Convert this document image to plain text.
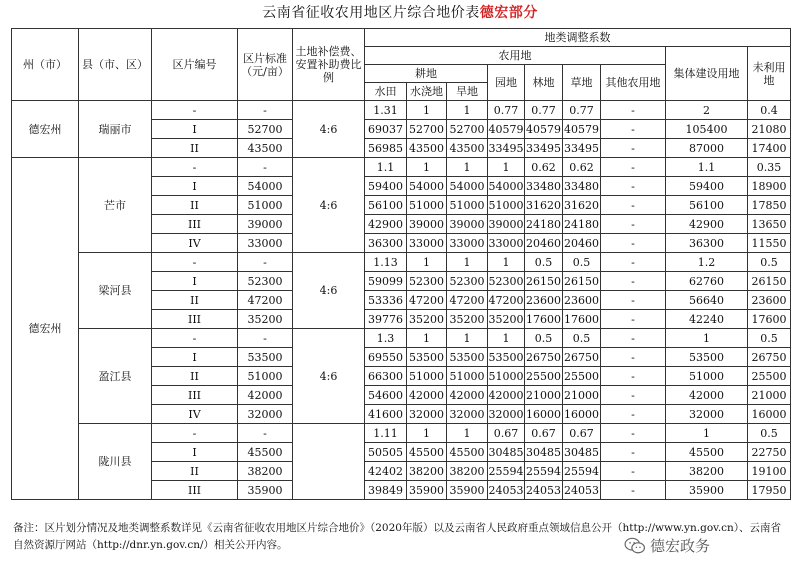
云南省征收农用地区片综合地价表德宏部分
州（市）	县（市、区）	区片编号	区片标准（元/亩）	土地补偿费、安置补助费比例	地类调整系数								
					农用地							集体建设用地	未利用地
					耕地			园地	林地	草地	其他农用地		
					水田	水浇地	旱地						
德宏州	瑞丽市	-	-	4:6	1.31	1	1	0.77	0.77	0.77	-	2	0.4
		I	52700		69037	52700	52700	40579	40579	40579	-	105400	21080
		II	43500		56985	43500	43500	33495	33495	33495	-	87000	17400
德宏州	芒市	-	-	4:6	1.1	1	1	1	0.62	0.62	-	1.1	0.35
		I	54000		59400	54000	54000	54000	33480	33480	-	59400	18900
		II	51000		56100	51000	51000	51000	31620	31620	-	56100	17850
		III	39000		42900	39000	39000	39000	24180	24180	-	42900	13650
		IV	33000		36300	33000	33000	33000	20460	20460	-	36300	11550
	梁河县	-	-	4:6	1.13	1	1	1	0.5	0.5	-	1.2	0.5
		I	52300		59099	52300	52300	52300	26150	26150	-	62760	26150
		II	47200		53336	47200	47200	47200	23600	23600	-	56640	23600
		III	35200		39776	35200	35200	35200	17600	17600	-	42240	17600
	盈江县	-	-	4:6	1.3	1	1	1	0.5	0.5	-	1	0.5
		I	53500		69550	53500	53500	53500	26750	26750	-	53500	26750
		II	51000		66300	51000	51000	51000	25500	25500	-	51000	25500
		III	42000		54600	42000	42000	42000	21000	21000	-	42000	21000
		IV	32000		41600	32000	32000	32000	16000	16000	-	32000	16000
	陇川县	-	-		1.11	1	1	0.67	0.67	0.67	-	1	0.5
		I	45500		50505	45500	45500	30485	30485	30485	-	45500	22750
		II	38200		42402	38200	38200	25594	25594	25594	-	38200	19100
		III	35900		39849	35900	35900	24053	24053	24053	-	35900	17950
备注：区片划分情况及地类调整系数详见《云南省征收农用地区片综合地价》（2020年版）以及云南省人民政府重点领域信息公开（http://www.yn.gov.cn）、云南省自然资源厅网站（http://dnr.yn.gov.cn/）相关公开内容。	德宏政务
